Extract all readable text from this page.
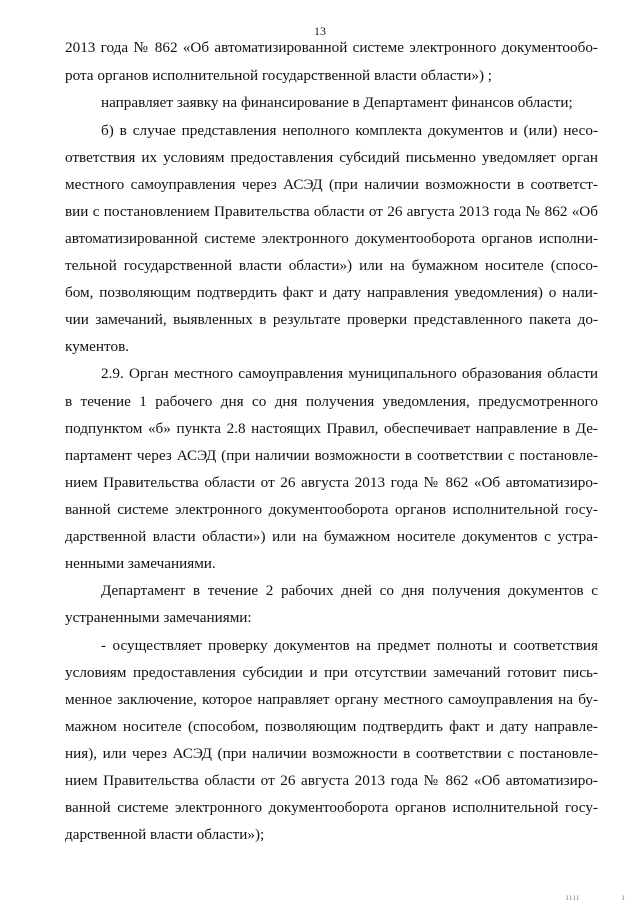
13
2013 года № 862 «Об автоматизированной системе электронного документообо-
рота органов исполнительной государственной власти области») ;
направляет заявку на финансирование в Департамент финансов области;
б) в случае представления неполного комплекта документов и (или) несо-
ответствия их условиям предоставления субсидий письменно уведомляет орган
местного самоуправления через АСЭД (при наличии возможности в соответст-
вии с постановлением Правительства области от 26 августа 2013 года № 862 «Об
автоматизированной системе электронного документооборота органов исполни-
тельной государственной власти области») или на бумажном носителе (спосо-
бом, позволяющим подтвердить факт и дату направления уведомления) о нали-
чии замечаний, выявленных в результате проверки представленного пакета до-
кументов.
2.9. Орган местного самоуправления муниципального образования области
в течение 1 рабочего дня со дня получения уведомления, предусмотренного
подпунктом «б» пункта 2.8 настоящих Правил, обеспечивает направление в Де-
партамент через АСЭД (при наличии возможности в соответствии с постановле-
нием Правительства области от 26 августа 2013 года № 862 «Об автоматизиро-
ванной системе электронного документооборота органов исполнительной госу-
дарственной власти области») или на бумажном носителе документов с устра-
ненными замечаниями.
Департамент в течение 2 рабочих дней со дня получения документов с
устраненными замечаниями:
- осуществляет проверку документов на предмет полноты и соответствия
условиям предоставления субсидии и при отсутствии замечаний готовит пись-
менное заключение, которое направляет органу местного самоуправления на бу-
мажном носителе (способом, позволяющим подтвердить факт и дату направле-
ния), или через АСЭД (при наличии возможности в соответствии с постановле-
нием Правительства области от 26 августа 2013 года № 862 «Об автоматизиро-
ванной системе электронного документооборота органов исполнительной госу-
дарственной власти области»);
ıııı	ı
